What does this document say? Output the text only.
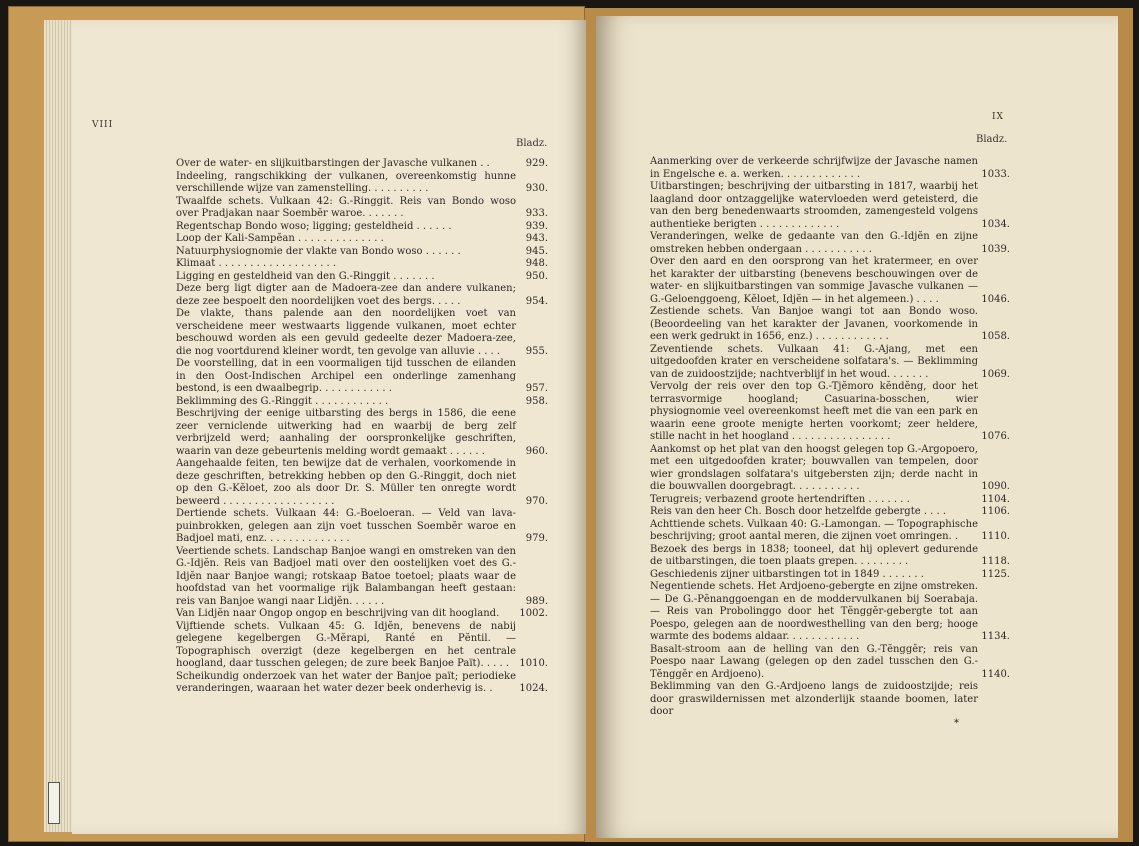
VIII
Bladz.
Over de water- en slijkuitbarstingen der Javasche vulkanen . .	929.
Indeeling, rangschikking der vulkanen, overeenkomstig hunne verschillende wijze van zamenstelling. . . . . . . . . .	930.
Twaalfde schets. Vulkaan 42: G.-Ringgit. Reis van Bondo woso over Pradjakan naar Soembĕr waroe. . . . . . .	933.
Regentschap Bondo woso; ligging; gesteldheid . . . . . .	939.
Loop der Kali-Sampĕan . . . . . . . . . . . . . .	943.
Natuurphysiognomie der vlakte van Bondo woso . . . . . .	945.
Klimaat . . . . . . . . . . . . . . . . . . .	948.
Ligging en gesteldheid van den G.-Ringgit . . . . . . .	950.
Deze berg ligt digter aan de Madoera-zee dan andere vulkanen; deze zee bespoelt den noordelijken voet des bergs. . . . .	954.
De vlakte, thans palende aan den noordelijken voet van verscheidene meer westwaarts liggende vulkanen, moet echter beschouwd worden als een gevuld gedeelte dezer Madoera-zee, die nog voortdurend kleiner wordt, ten gevolge van alluvie . . . .	955.
De voorstelling, dat in een voormaligen tijd tusschen de eilanden in den Oost-Indischen Archipel een onderlinge zamenhang bestond, is een dwaalbegrip. . . . . . . . . . . .	957.
Beklimming des G.-Ringgit . . . . . . . . . . . .	958.
Beschrijving der eenige uitbarsting des bergs in 1586, die eene zeer verniclende uitwerking had en waarbij de berg zelf verbrijzeld werd; aanhaling der oorspronkelijke geschriften, waarin van deze gebeurtenis melding wordt gemaakt . . . . . .	960.
Aangehaalde feiten, ten bewijze dat de verhalen, voorkomende in deze geschriften, betrekking hebben op den G.-Ringgit, doch niet op den G.-Kĕloet, zoo als door Dr. S. Müller ten onregte wordt beweerd . . . . . . . . . . . . . . . . . .	970.
Dertiende schets. Vulkaan 44: G.-Boeloeran. — Veld van lava-puinbrokken, gelegen aan zijn voet tusschen Soembĕr waroe en Badjoel mati, enz. . . . . . . . . . . . . .	979.
Veertiende schets. Landschap Banjoe wangi en omstreken van den G.-Idjĕn. Reis van Badjoel mati over den oostelijken voet des G.-Idjĕn naar Banjoe wangi; rotskaap Batoe toetoel; plaats waar de hoofdstad van het voormalige rijk Balambangan heeft gestaan: reis van Banjoe wangi naar Lidjĕn. . . . . .	989.
Van Lidjĕn naar Ongop ongop en beschrijving van dit hoogland.	1002.
Vijftiende schets. Vulkaan 45: G. Idjĕn, benevens de nabij gelegene kegelbergen G.-Mĕrapi, Ranté en Pĕntil. — Topographisch overzigt (deze kegelbergen en het centrale hoogland, daar tusschen gelegen; de zure beek Banjoe Paït). . . . .	1010.
Scheikundig onderzoek van het water der Banjoe paït; periodieke veranderingen, waaraan het water dezer beek onderhevig is. .	1024.
IX
Bladz.
Aanmerking over de verkeerde schrijfwijze der Javasche namen in Engelsche e. a. werken. . . . . . . . . . . . .	1033.
Uitbarstingen; beschrijving der uitbarsting in 1817, waarbij het laagland door ontzaggelijke watervloeden werd geteisterd, die van den berg benedenwaarts stroomden, zamengesteld volgens authentieke berigten . . . . . . . . . . . . .	1034.
Veranderingen, welke de gedaante van den G.-Idjĕn en zijne omstreken hebben ondergaan . . . . . . . . . . .	1039.
Over den aard en den oorsprong van het kratermeer, en over het karakter der uitbarsting (benevens beschouwingen over de water- en slijkuitbarstingen van sommige Javasche vulkanen — G.-Geloenggoeng, Kĕloet, Idjĕn — in het algemeen.) . . . .	1046.
Zestiende schets. Van Banjoe wangi tot aan Bondo woso. (Beoordeeling van het karakter der Javanen, voorkomende in een werk gedrukt in 1656, enz.) . . . . . . . . . . . .	1058.
Zeventiende schets. Vulkaan 41: G.-Ajang, met een uitgedoofden krater en verscheidene solfatara's. — Beklimming van de zuidoostzijde; nachtverblijf in het woud. . . . . . .	1069.
Vervolg der reis over den top G.-Tjĕmoro kĕndĕng, door het terrasvormige hoogland; Casuarina-bosschen, wier physiognomie veel overeenkomst heeft met die van een park en waarin eene groote menigte herten voorkomt; zeer heldere, stille nacht in het hoogland . . . . . . . . . . . . . . . .	1076.
Aankomst op het plat van den hoogst gelegen top G.-Argopoero, met een uitgedoofden krater; bouwvallen van tempelen, door wier grondslagen solfatara's uitgebersten zijn; derde nacht in die bouwvallen doorgebragt. . . . . . . . . . .	1090.
Terugreis; verbazend groote hertendriften . . . . . . .	1104.
Reis van den heer Ch. Bosch door hetzelfde gebergte . . . .	1106.
Achttiende schets. Vulkaan 40: G.-Lamongan. — Topographische beschrijving; groot aantal meren, die zijnen voet omringen. .	1110.
Bezoek des bergs in 1838; tooneel, dat hij oplevert gedurende de uitbarstingen, die toen plaats grepen. . . . . . . . .	1118.
Geschiedenis zijner uitbarstingen tot in 1849 . . . . . . .	1125.
Negentiende schets. Het Ardjoeno-gebergte en zijne omstreken. — De G.-Pĕnanggoengan en de moddervulkanen bij Soerabaja. — Reis van Probolinggo door het Tĕnggĕr-gebergte tot aan Poespo, gelegen aan de noordwesthelling van den berg; hooge warmte des bodems aldaar. . . . . . . . . . . .	1134.
Basalt-stroom aan de helling van den G.-Tĕnggĕr; reis van Poespo naar Lawang (gelegen op den zadel tusschen den G.-Tĕnggĕr en Ardjoeno).	1140.
Beklimming van den G.-Ardjoeno langs de zuidoostzijde; reis door graswildernissen met alzonderlijk staande boomen, later door
*
